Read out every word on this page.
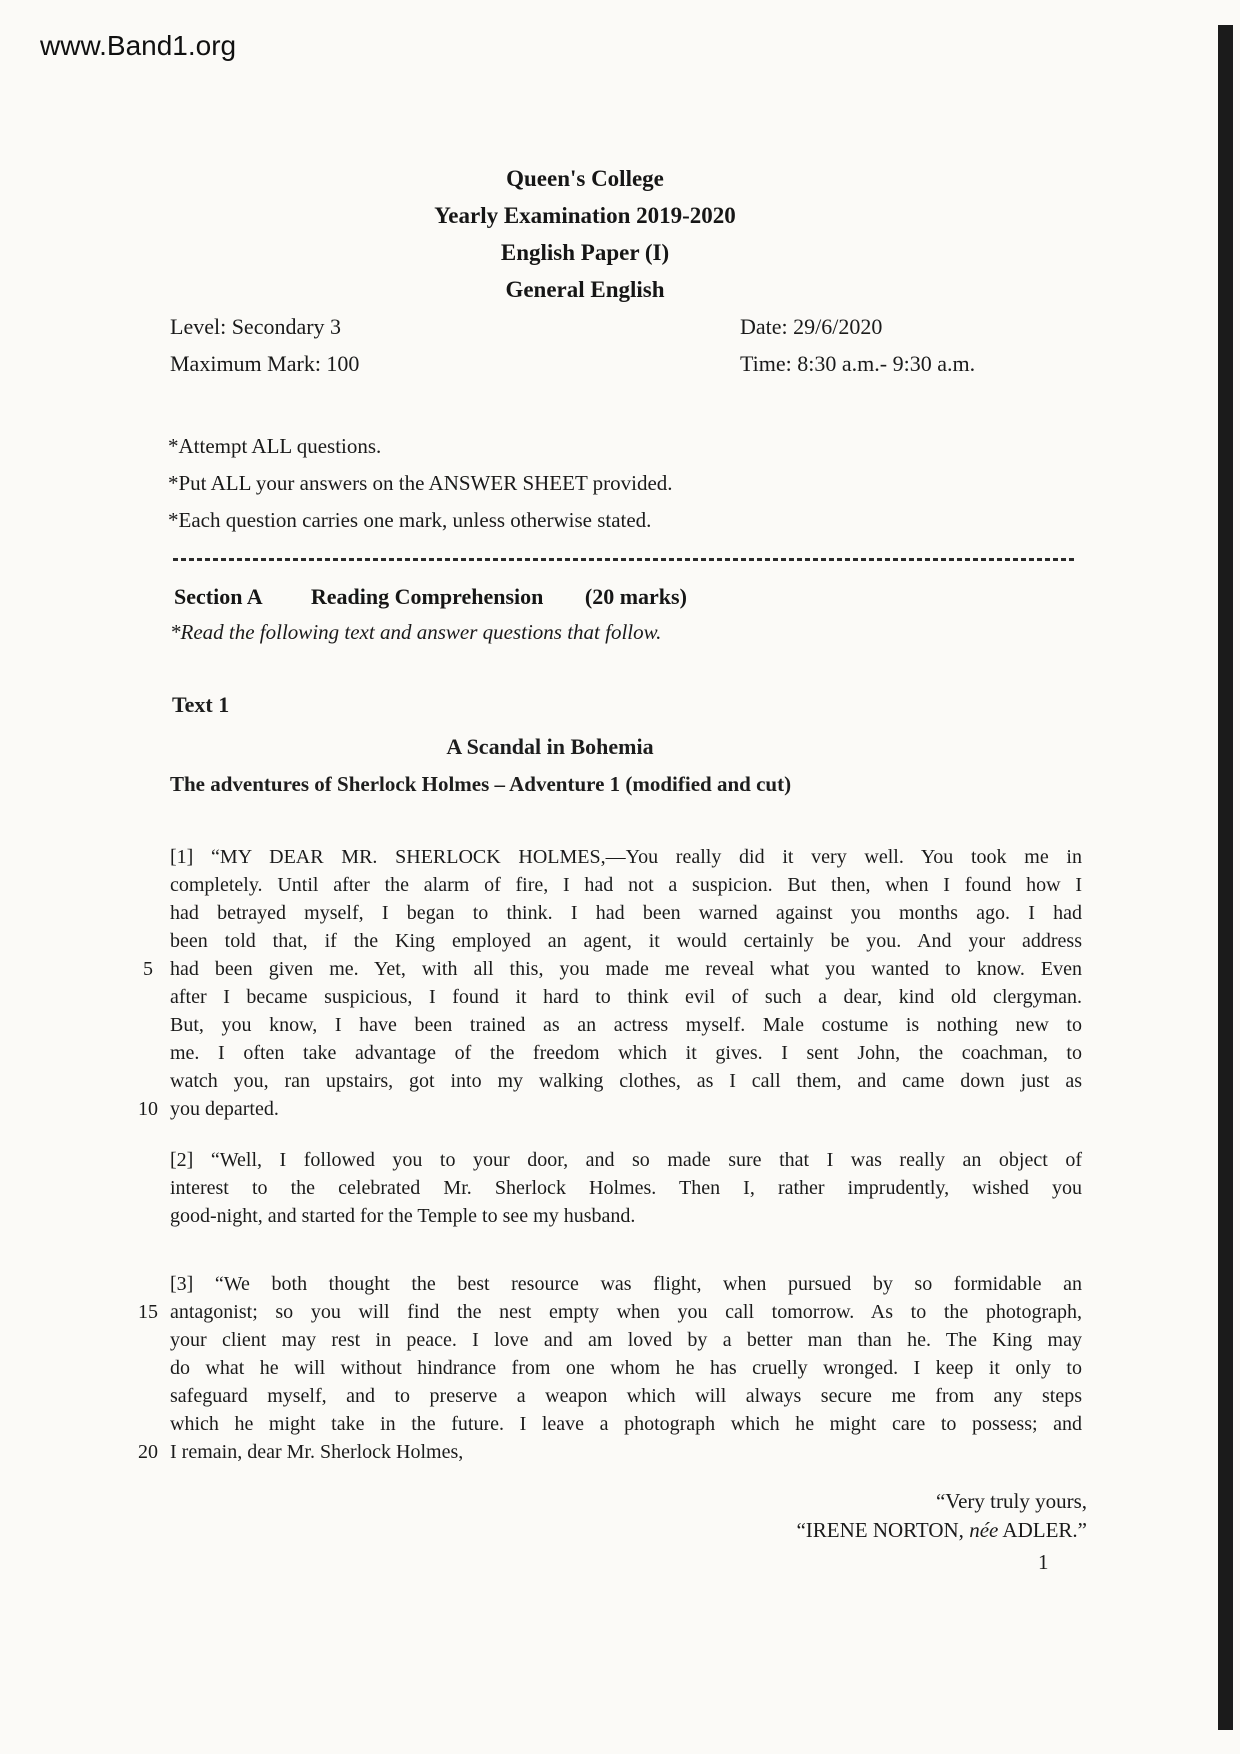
www.Band1.org
Queen's College
Yearly Examination 2019-2020
English Paper (I)
General English
Level: Secondary 3	Date: 29/6/2020
Maximum Mark: 100	Time: 8:30 a.m.- 9:30 a.m.
*Attempt ALL questions.
*Put ALL your answers on the ANSWER SHEET provided.
*Each question carries one mark, unless otherwise stated.
Section A Reading Comprehension (20 marks)
*Read the following text and answer questions that follow.
Text 1
A Scandal in Bohemia
The adventures of Sherlock Holmes – Adventure 1 (modified and cut)
[1] “MY DEAR MR. SHERLOCK HOLMES,—You really did it very well. You took me in
completely. Until after the alarm of fire, I had not a suspicion. But then, when I found how I
had betrayed myself, I began to think. I had been warned against you months ago. I had
been told that, if the King employed an agent, it would certainly be you. And your address
5 had been given me. Yet, with all this, you made me reveal what you wanted to know. Even
after I became suspicious, I found it hard to think evil of such a dear, kind old clergyman.
But, you know, I have been trained as an actress myself. Male costume is nothing new to
me. I often take advantage of the freedom which it gives. I sent John, the coachman, to
watch you, ran upstairs, got into my walking clothes, as I call them, and came down just as
10 you departed.
[2] “Well, I followed you to your door, and so made sure that I was really an object of
interest to the celebrated Mr. Sherlock Holmes. Then I, rather imprudently, wished you
good-night, and started for the Temple to see my husband.
[3] “We both thought the best resource was flight, when pursued by so formidable an
15 antagonist; so you will find the nest empty when you call tomorrow. As to the photograph,
your client may rest in peace. I love and am loved by a better man than he. The King may
do what he will without hindrance from one whom he has cruelly wronged. I keep it only to
safeguard myself, and to preserve a weapon which will always secure me from any steps
which he might take in the future. I leave a photograph which he might care to possess; and
20 I remain, dear Mr. Sherlock Holmes,
“Very truly yours,
“IRENE NORTON, née ADLER.”
1
